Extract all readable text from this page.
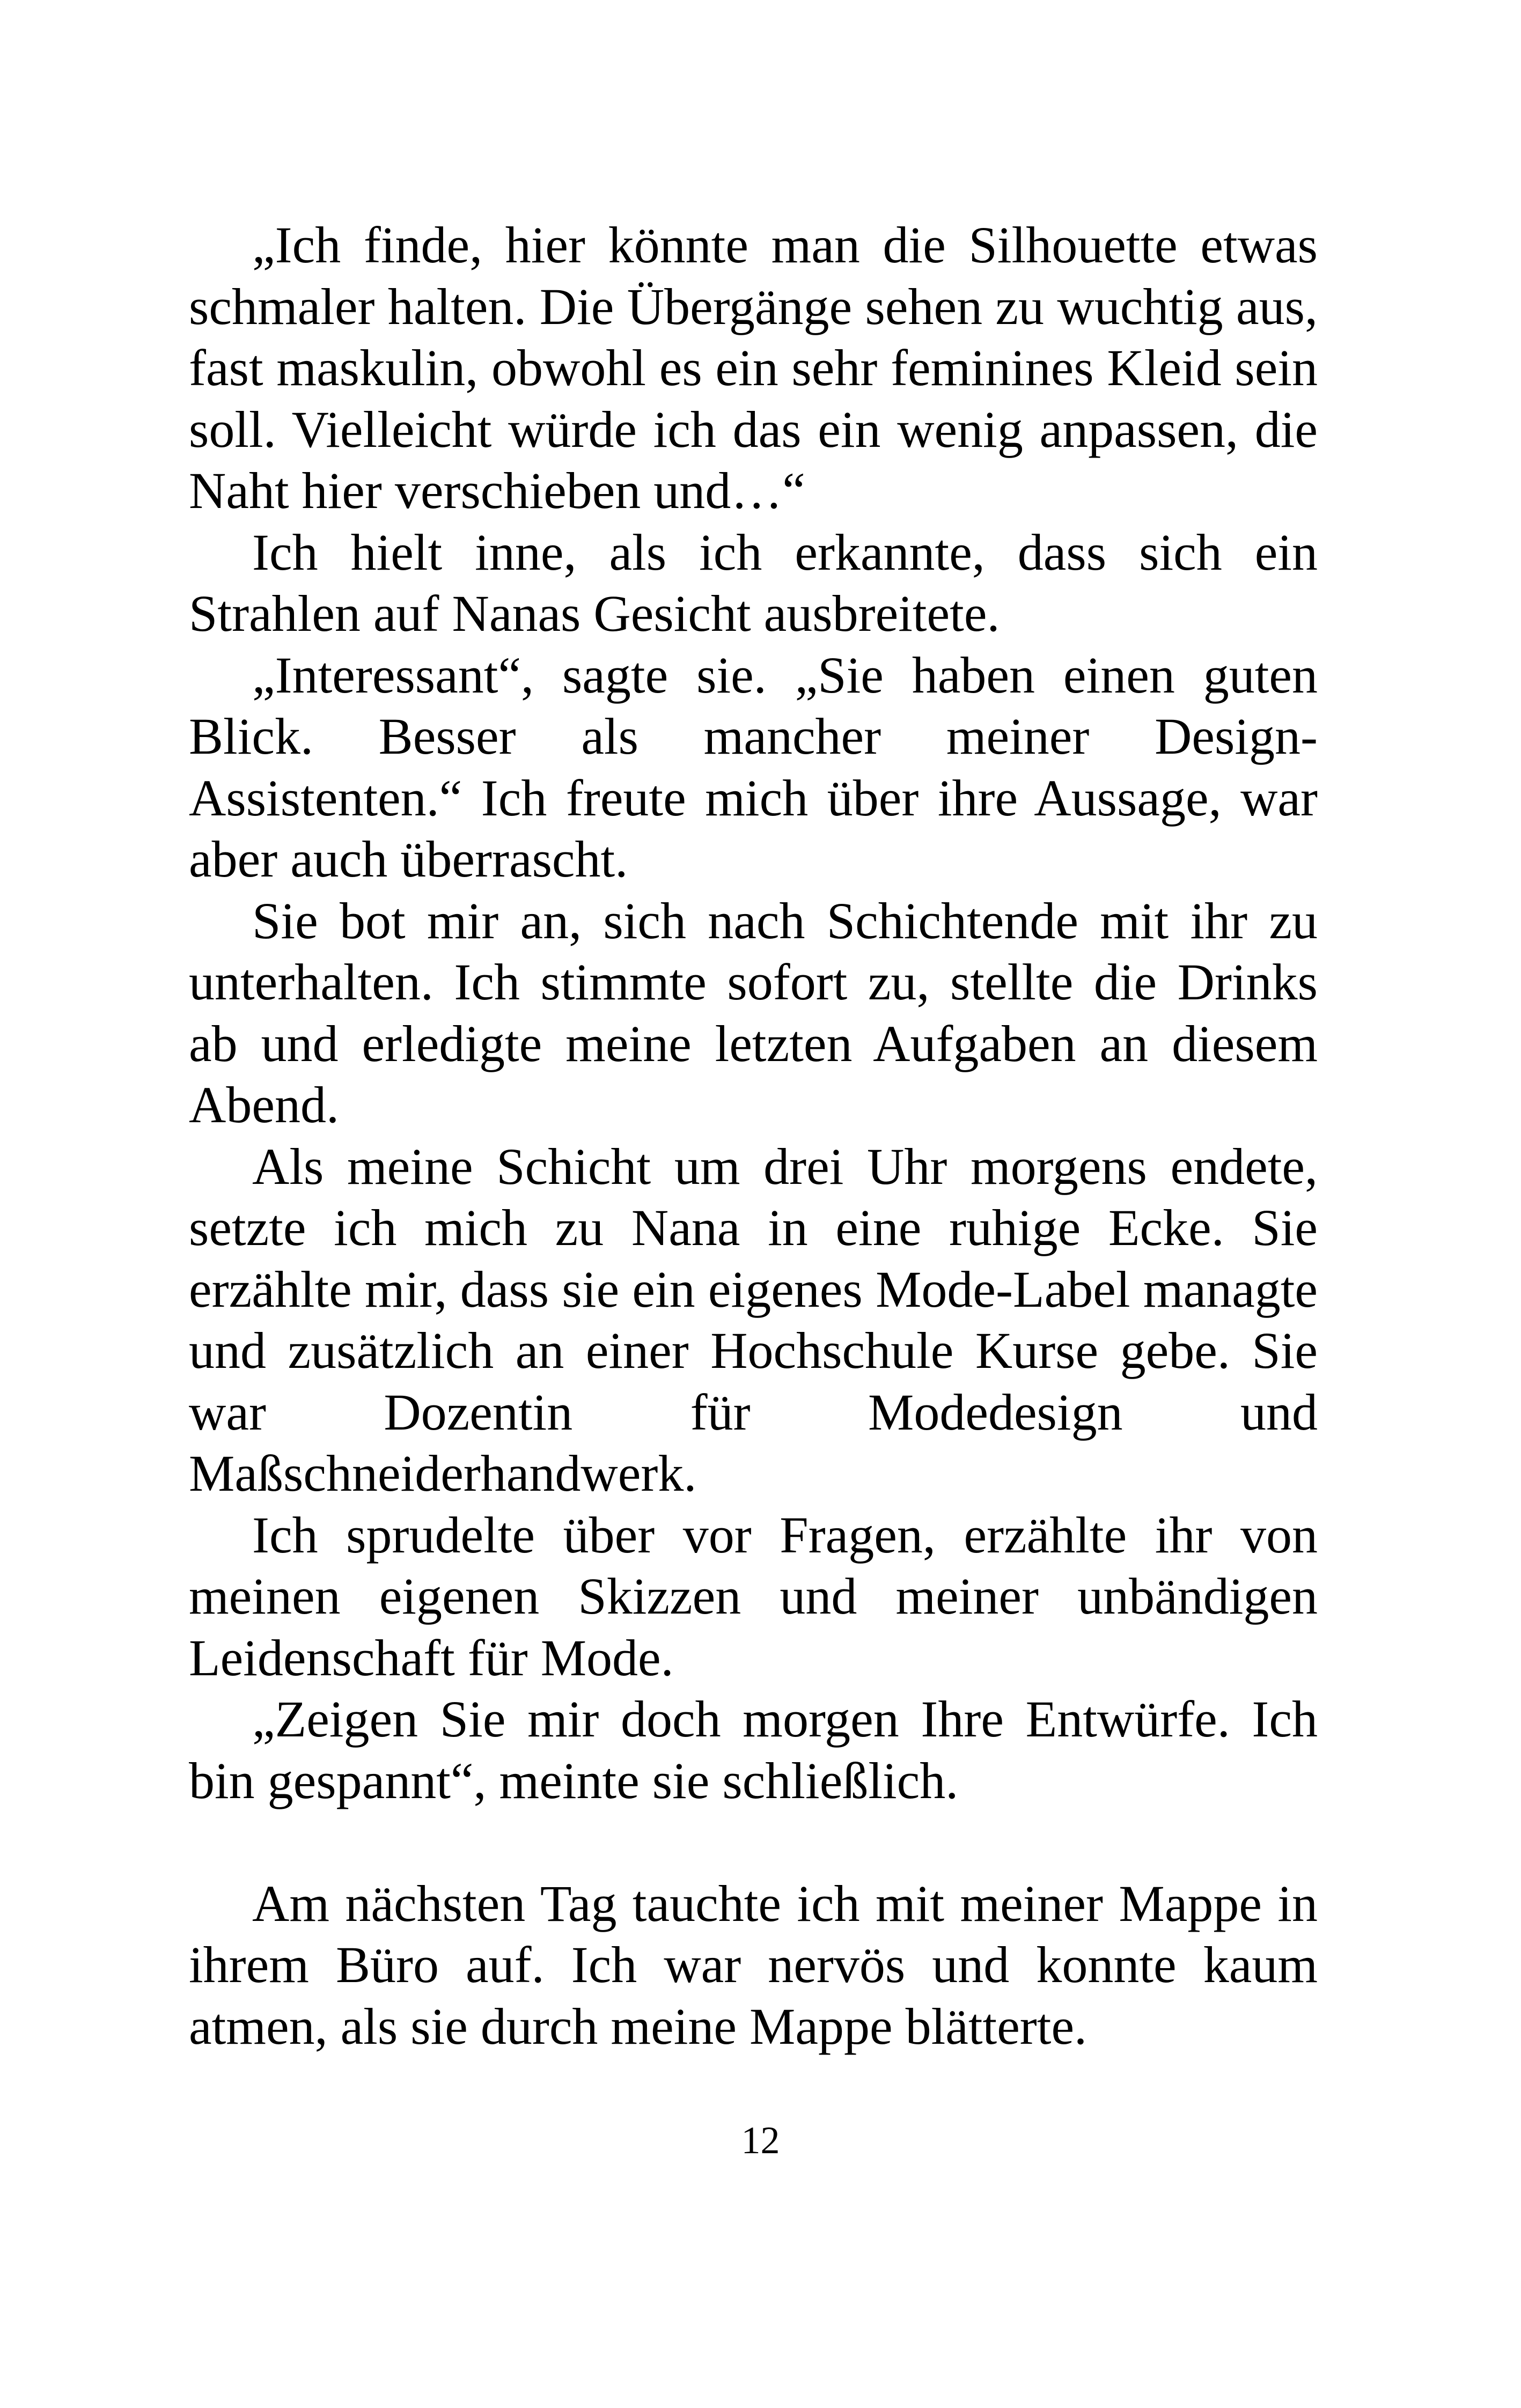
„Ich finde, hier könnte man die Silhouette etwas schmaler halten. Die Übergänge sehen zu wuchtig aus, fast maskulin, obwohl es ein sehr feminines Kleid sein soll. Vielleicht würde ich das ein wenig anpassen, die Naht hier verschieben und…“

Ich hielt inne, als ich erkannte, dass sich ein Strahlen auf Nanas Gesicht ausbreitete.

„Interessant“, sagte sie. „Sie haben einen guten Blick. Besser als mancher meiner Design-Assistenten.“ Ich freute mich über ihre Aussage, war aber auch überrascht.

Sie bot mir an, sich nach Schichtende mit ihr zu unterhalten. Ich stimmte sofort zu, stellte die Drinks ab und erledigte meine letzten Aufgaben an diesem Abend.

Als meine Schicht um drei Uhr morgens endete, setzte ich mich zu Nana in eine ruhige Ecke. Sie erzählte mir, dass sie ein eigenes Mode-Label managte und zusätzlich an einer Hochschule Kurse gebe. Sie war Dozentin für Modedesign und Maßschneiderhandwerk.

Ich sprudelte über vor Fragen, erzählte ihr von meinen eigenen Skizzen und meiner unbändigen Leidenschaft für Mode.

„Zeigen Sie mir doch morgen Ihre Entwürfe. Ich bin gespannt“, meinte sie schließlich.

Am nächsten Tag tauchte ich mit meiner Mappe in ihrem Büro auf. Ich war nervös und konnte kaum atmen, als sie durch meine Mappe blätterte.

12
